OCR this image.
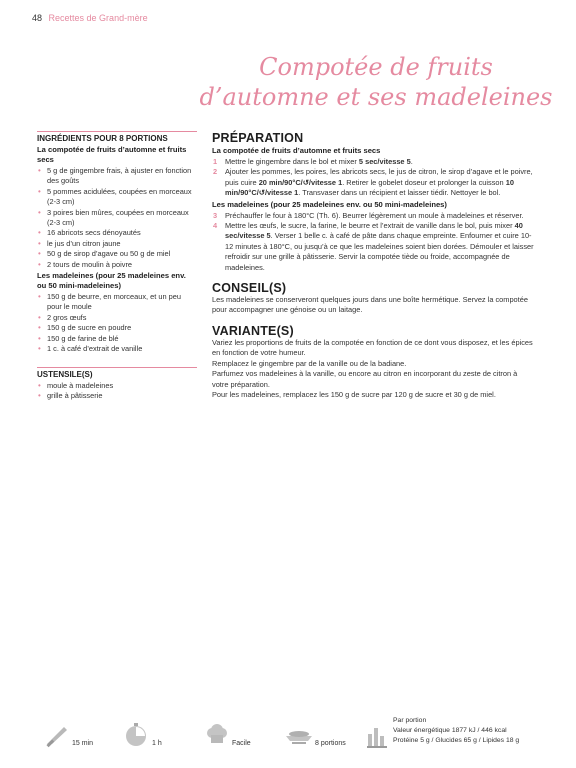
48 Recettes de Grand-mère
Compotée de fruits
d’automne et ses madeleines
INGRÉDIENTS POUR 8 PORTIONS
La compotée de fruits d’automne et fruits secs
• 5 g de gingembre frais, à ajuster en fonction des goûts
• 5 pommes acidulées, coupées en morceaux (2-3 cm)
• 3 poires bien mûres, coupées en morceaux (2-3 cm)
• 16 abricots secs dénoyautés
• le jus d’un citron jaune
• 50 g de sirop d’agave ou 50 g de miel
• 2 tours de moulin à poivre
Les madeleines (pour 25 madeleines env. ou 50 mini-madeleines)
• 150 g de beurre, en morceaux, et un peu pour le moule
• 2 gros œufs
• 150 g de sucre en poudre
• 150 g de farine de blé
• 1 c. à café d’extrait de vanille
USTENSILE(S)
• moule à madeleines
• grille à pâtisserie
PRÉPARATION
La compotée de fruits d’automne et fruits secs
1 Mettre le gingembre dans le bol et mixer 5 sec/vitesse 5.
2 Ajouter les pommes, les poires, les abricots secs, le jus de citron, le sirop d’agave et le poivre, puis cuire 20 min/90°C/↺/vitesse 1. Retirer le gobelet doseur et prolonger la cuisson 10 min/90°C/↺/vitesse 1. Transvaser dans un récipient et laisser tiédir. Nettoyer le bol.
Les madeleines (pour 25 madeleines env. ou 50 mini-madeleines)
3 Préchauffer le four à 180°C (Th. 6). Beurrer légèrement un moule à madeleines et réserver.
4 Mettre les œufs, le sucre, la farine, le beurre et l’extrait de vanille dans le bol, puis mixer 40 sec/vitesse 5. Verser 1 belle c. à café de pâte dans chaque empreinte. Enfourner et cuire 10-12 minutes à 180°C, ou jusqu’à ce que les madeleines soient bien dorées. Démouler et laisser refroidir sur une grille à pâtisserie. Servir la compotée tiède ou froide, accompagnée de madeleines.
CONSEIL(S)
Les madeleines se conserveront quelques jours dans une boîte hermétique. Servez la compotée pour accompagner une génoise ou un laitage.
VARIANTE(S)
Variez les proportions de fruits de la compotée en fonction de ce dont vous disposez, et les épices en fonction de votre humeur.
Remplacez le gingembre par de la vanille ou de la badiane.
Parfumez vos madeleines à la vanille, ou encore au citron en incorporant du zeste de citron à votre préparation.
Pour les madeleines, remplacez les 150 g de sucre par 120 g de sucre et 30 g de miel.
15 min	1 h	Facile	8 portions
Par portion
Valeur énergétique 1877 kJ / 446 kcal
Protéine 5 g / Glucides 65 g / Lipides 18 g
